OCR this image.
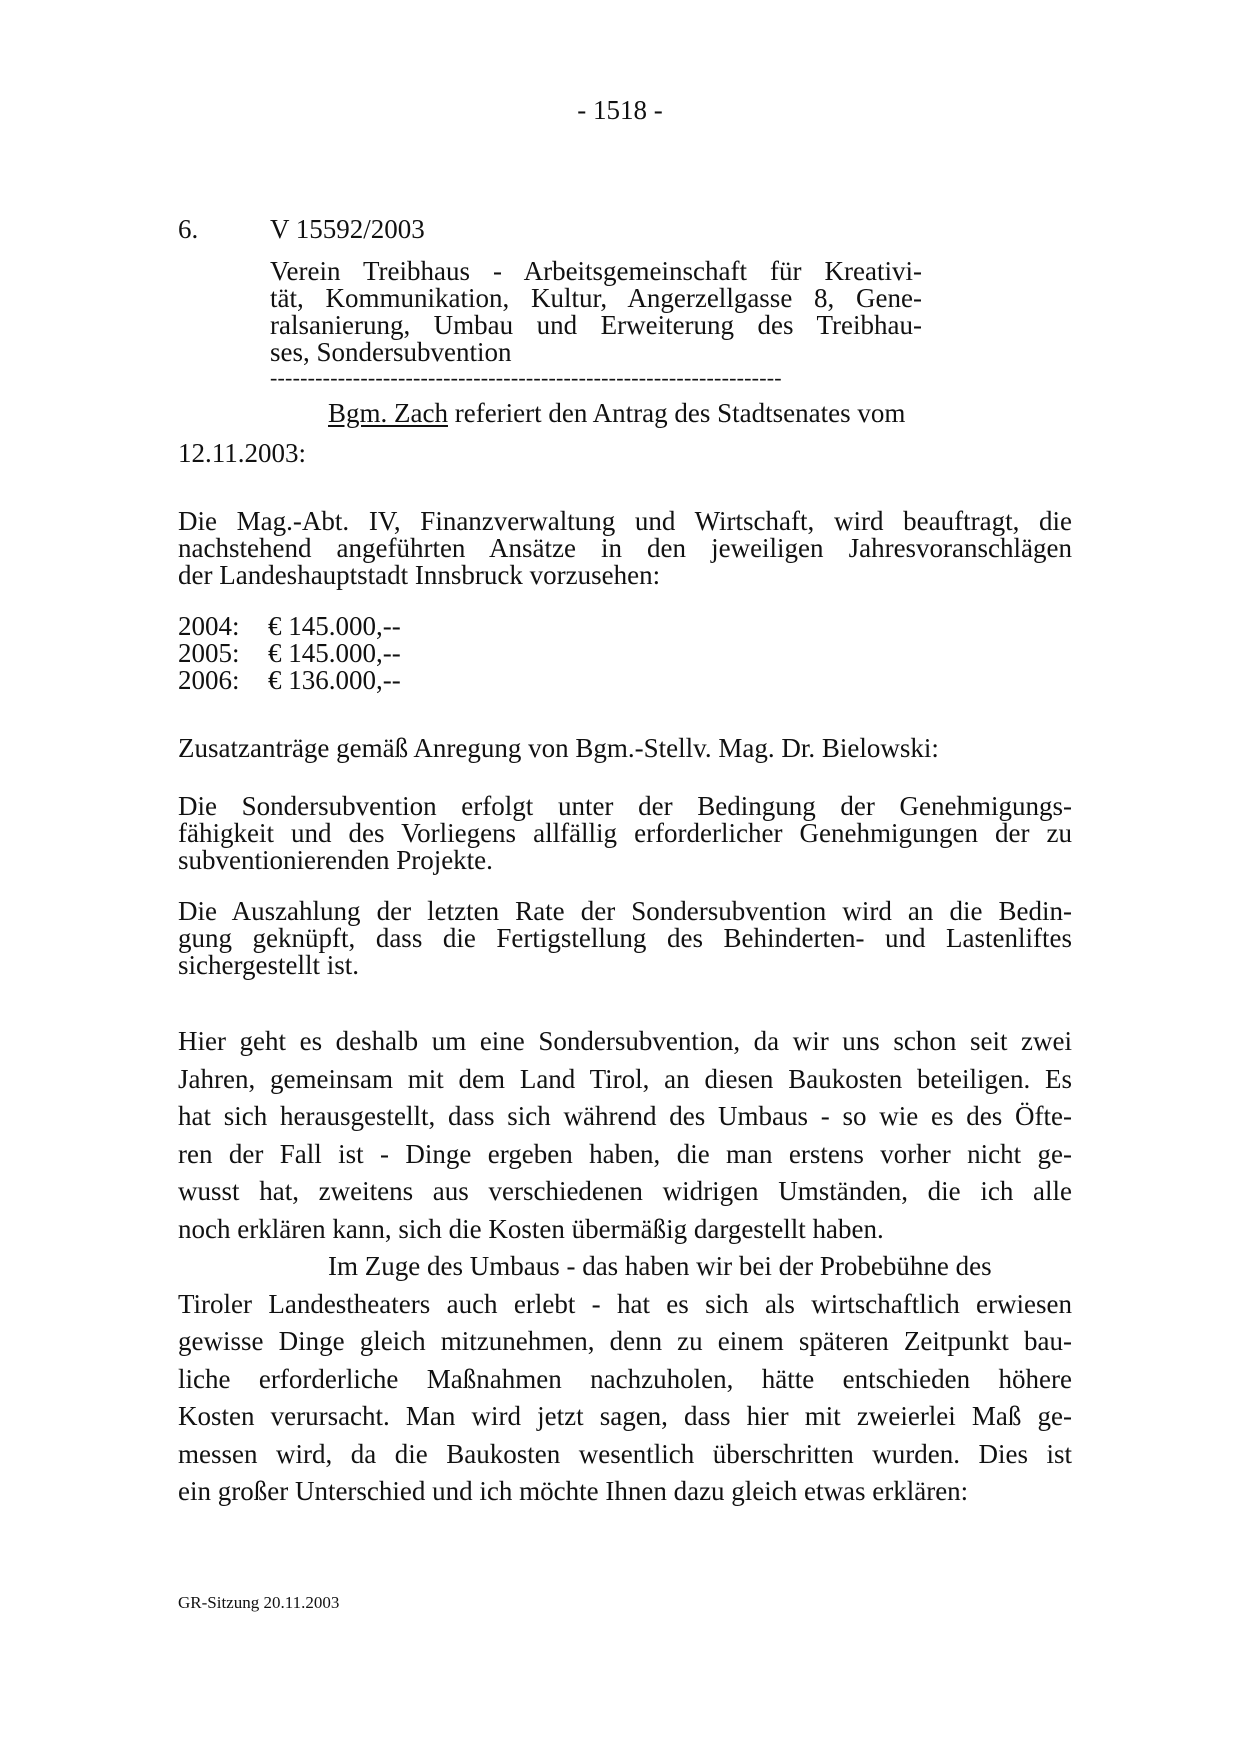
- 1518 -
6.	V 15592/2003
Verein Treibhaus - Arbeitsgemeinschaft für Kreativi-
tät, Kommunikation, Kultur, Angerzellgasse 8, Gene-
ralsanierung, Umbau und Erweiterung des Treibhau-
ses, Sondersubvention
--------------------------------------------------------------------
Bgm. Zach referiert den Antrag des Stadtsenates vom
12.11.2003:
Die Mag.-Abt. IV, Finanzverwaltung und Wirtschaft, wird beauftragt, die
nachstehend angeführten Ansätze in den jeweiligen Jahresvoranschlägen
der Landeshauptstadt Innsbruck vorzusehen:
2004:	€ 145.000,--
2005:	€ 145.000,--
2006:	€ 136.000,--
Zusatzanträge gemäß Anregung von Bgm.-Stellv. Mag. Dr. Bielowski:
Die Sondersubvention erfolgt unter der Bedingung der Genehmigungs-
fähigkeit und des Vorliegens allfällig erforderlicher Genehmigungen der zu
subventionierenden Projekte.
Die Auszahlung der letzten Rate der Sondersubvention wird an die Bedin-
gung geknüpft, dass die Fertigstellung des Behinderten- und Lastenliftes
sichergestellt ist.
Hier geht es deshalb um eine Sondersubvention, da wir uns schon seit zwei
Jahren, gemeinsam mit dem Land Tirol, an diesen Baukosten beteiligen. Es
hat sich herausgestellt, dass sich während des Umbaus - so wie es des Öfte-
ren der Fall ist - Dinge ergeben haben, die man erstens vorher nicht ge-
wusst hat, zweitens aus verschiedenen widrigen Umständen, die ich alle
noch erklären kann, sich die Kosten übermäßig dargestellt haben.
Im Zuge des Umbaus - das haben wir bei der Probebühne des
Tiroler Landestheaters auch erlebt - hat es sich als wirtschaftlich erwiesen
gewisse Dinge gleich mitzunehmen, denn zu einem späteren Zeitpunkt bau-
liche erforderliche Maßnahmen nachzuholen, hätte entschieden höhere
Kosten verursacht. Man wird jetzt sagen, dass hier mit zweierlei Maß ge-
messen wird, da die Baukosten wesentlich überschritten wurden. Dies ist
ein großer Unterschied und ich möchte Ihnen dazu gleich etwas erklären:
GR-Sitzung 20.11.2003
